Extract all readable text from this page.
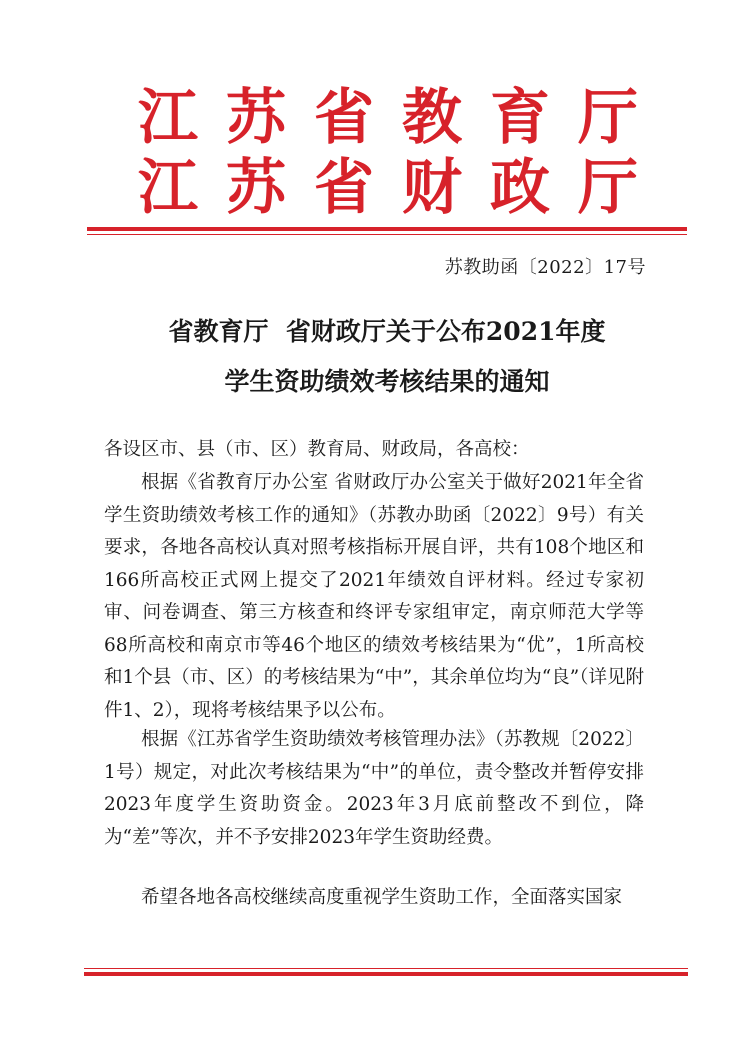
江 苏 省 教 育 厅
江 苏 省 财 政 厅
苏教助函〔2022〕17号
省教育厅  省财政厅关于公布2021年度
学生资助绩效考核结果的通知
各设区市、县（市、区）教育局、财政局，各高校：
根据《省教育厅办公室 省财政厅办公室关于做好2021年全省学生资助绩效考核工作的通知》（苏教办助函〔2022〕9号）有关要求，各地各高校认真对照考核指标开展自评，共有108个地区和166所高校正式网上提交了2021年绩效自评材料。经过专家初审、问卷调查、第三方核查和终评专家组审定，南京师范大学等68所高校和南京市等46个地区的绩效考核结果为“优”，1所高校和1个县（市、区）的考核结果为“中”，其余单位均为“良”（详见附件1、2），现将考核结果予以公布。
根据《江苏省学生资助绩效考核管理办法》（苏教规〔2022〕1号）规定，对此次考核结果为“中”的单位，责令整改并暂停安排2023年度学生资助资金。2023年3月底前整改不到位，降为“差”等次，并不予安排2023年学生资助经费。
希望各地各高校继续高度重视学生资助工作，全面落实国家
